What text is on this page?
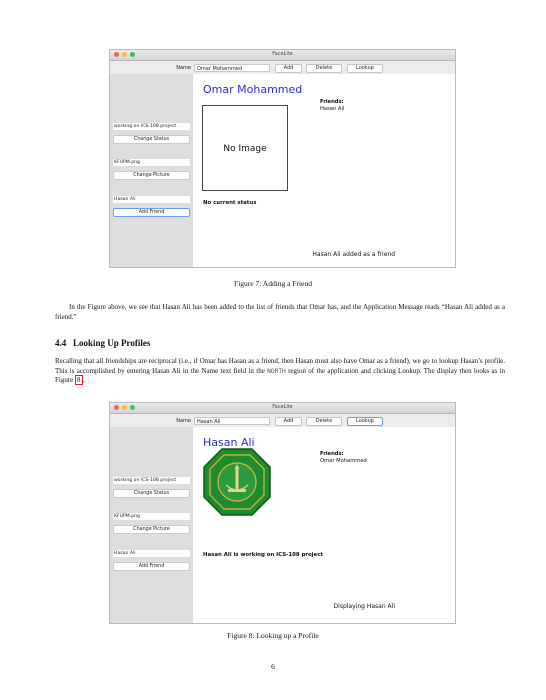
FaceLite
Name	Omar Mohammed	Add	Delete	Lookup
working on ICS-108 project
Change Status
KFUPM.png
Change Picture
Hasan Ali
Add Friend
Omar Mohammed
Friends:
Hasan Ali
No Image
No current status
Hasan Ali added as a friend
Figure 7: Adding a Friend
In the Figure above, we see that Hasan Ali has been added to the list of friends that Omar has, and the Application Message reads “Hasan Ali added as a friend.”
4.4 Looking Up Profiles
Recalling that all friendships are reciprocal (i.e., if Omar has Hasan as a friend, then Hasan must also have Omar as a friend), we go to lookup Hasan’s profile. This is accomplished by entering Hasan Ali in the Name text field in the NORTH region of the application and clicking Lookup. The display then looks as in Figure 8 .
FaceLite
Name	Hasan Ali	Add	Delete	Lookup
working on ICS-108 project
Change Status
KFUPM.png
Change Picture
Hasan Ali
Add Friend
Hasan Ali
Friends:
Omar Mohammed
Hasan Ali is working on ICS-108 project
Displaying Hasan Ali
Figure 8: Looking up a Profile
6
